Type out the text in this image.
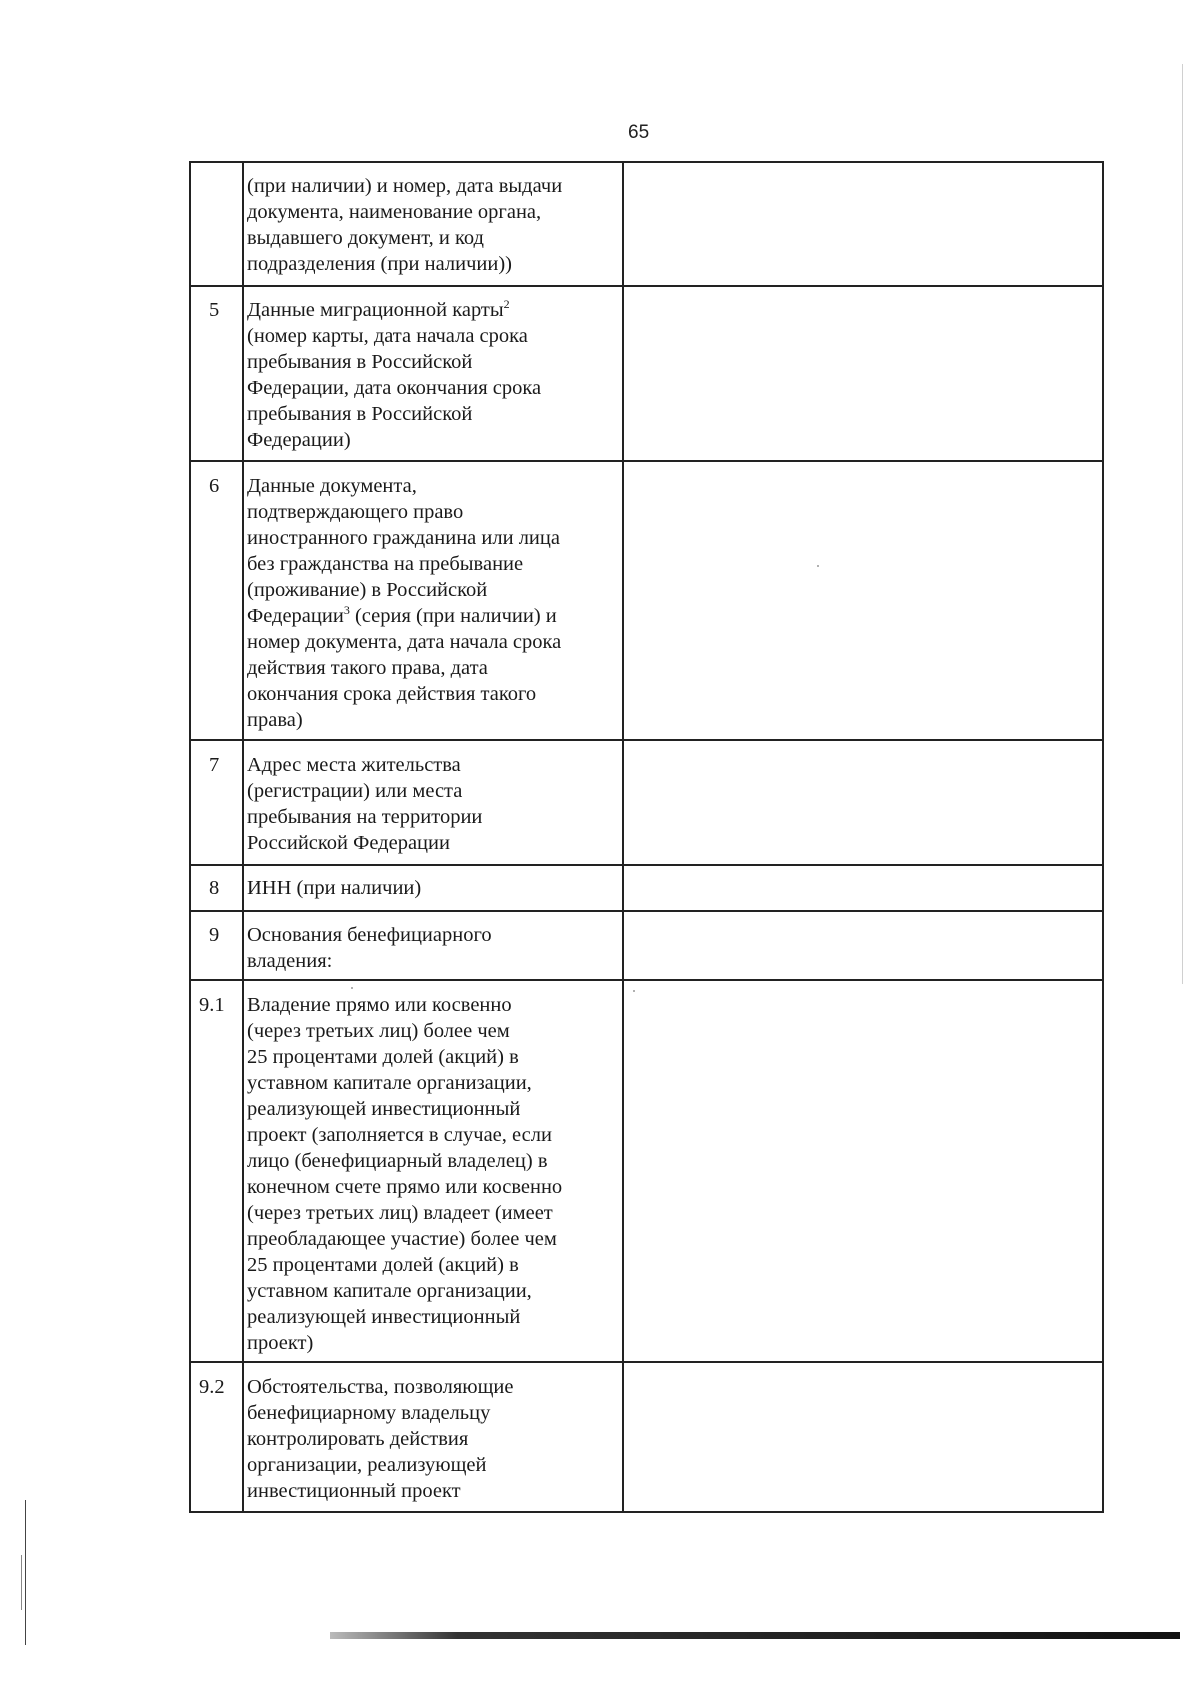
65
(при наличии) и номер, дата выдачи
документа, наименование органа,
выдавшего документ, и код
подразделения (при наличии))
5 Данные миграционной карты$^2$
(номер карты, дата начала срока
пребывания в Российской
Федерации, дата окончания срока
пребывания в Российской
Федерации)
6 Данные документа,
подтверждающего право
иностранного гражданина или лица
без гражданства на пребывание
(проживание) в Российской
Федерации$^3$ (серия (при наличии) и
номер документа, дата начала срока
действия такого права, дата
окончания срока действия такого
права)
7 Адрес места жительства
(регистрации) или места
пребывания на территории
Российской Федерации
8 ИНН (при наличии)
9 Основания бенефициарного
владения:
9.1 Владение прямо или косвенно
(через третьих лиц) более чем
25 процентами долей (акций) в
уставном капитале организации,
реализующей инвестиционный
проект (заполняется в случае, если
лицо (бенефициарный владелец) в
конечном счете прямо или косвенно
(через третьих лиц) владеет (имеет
преобладающее участие) более чем
25 процентами долей (акций) в
уставном капитале организации,
реализующей инвестиционный
проект)
9.2 Обстоятельства, позволяющие
бенефициарному владельцу
контролировать действия
организации, реализующей
инвестиционный проект
